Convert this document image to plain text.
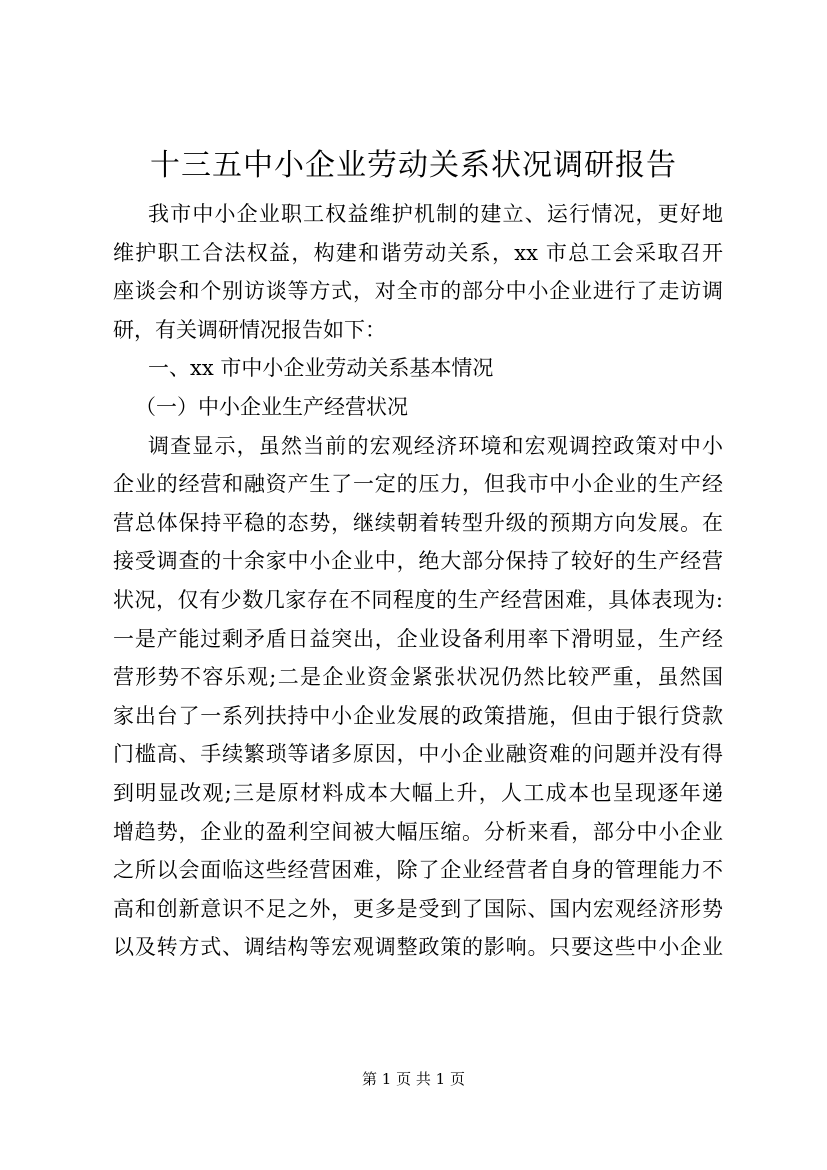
十三五中小企业劳动关系状况调研报告
我市中小企业职工权益维护机制的建立、运行情况，更好地
维护职工合法权益，构建和谐劳动关系，xx 市总工会采取召开
座谈会和个别访谈等方式，对全市的部分中小企业进行了走访调
研，有关调研情况报告如下：
一、xx 市中小企业劳动关系基本情况
（一）中小企业生产经营状况
调查显示，虽然当前的宏观经济环境和宏观调控政策对中小
企业的经营和融资产生了一定的压力，但我市中小企业的生产经
营总体保持平稳的态势，继续朝着转型升级的预期方向发展。在
接受调查的十余家中小企业中，绝大部分保持了较好的生产经营
状况，仅有少数几家存在不同程度的生产经营困难，具体表现为:
一是产能过剩矛盾日益突出，企业设备利用率下滑明显，生产经
营形势不容乐观;二是企业资金紧张状况仍然比较严重，虽然国
家出台了一系列扶持中小企业发展的政策措施，但由于银行贷款
门槛高、手续繁琐等诸多原因，中小企业融资难的问题并没有得
到明显改观;三是原材料成本大幅上升，人工成本也呈现逐年递
增趋势，企业的盈利空间被大幅压缩。分析来看，部分中小企业
之所以会面临这些经营困难，除了企业经营者自身的管理能力不
高和创新意识不足之外，更多是受到了国际、国内宏观经济形势
以及转方式、调结构等宏观调整政策的影响。只要这些中小企业
第 1 页 共 1 页
